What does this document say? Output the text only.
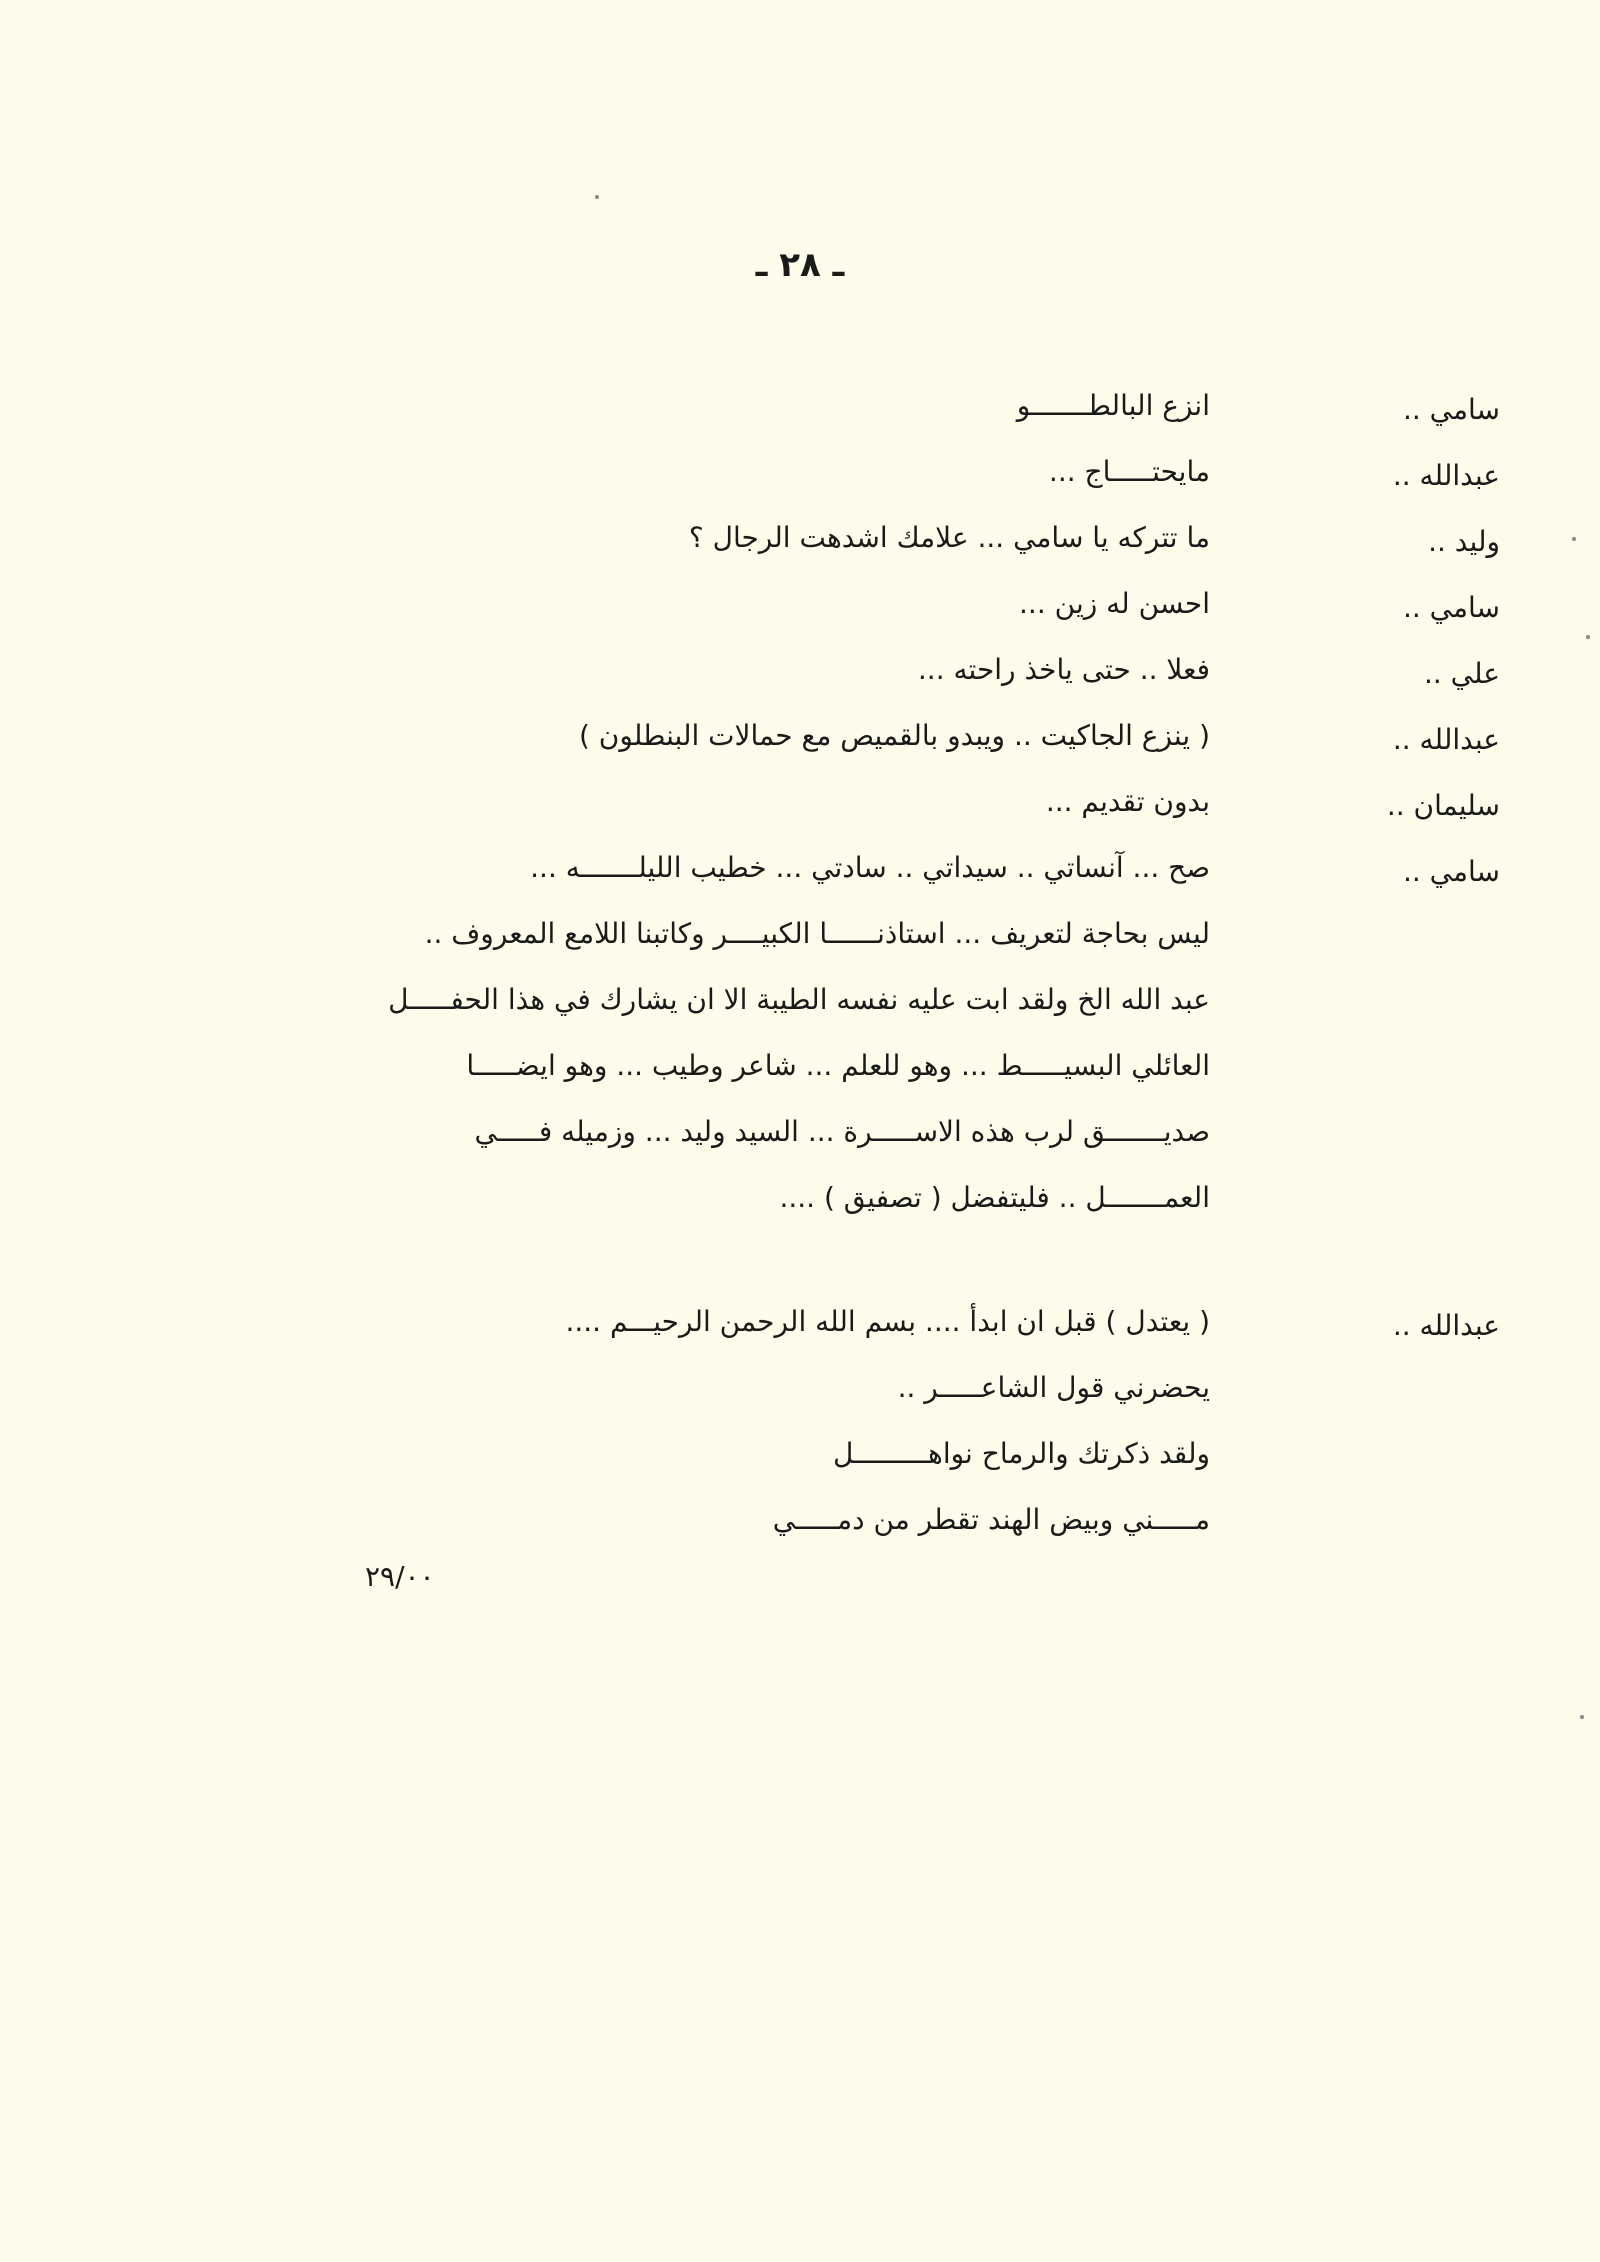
ـ ٢٨ ـ
سامي ..
انزع البالطـــــــو
عبدالله ..
مايحتـــــاج ...
وليد ..
ما تتركه يا سامي ... علامك اشدهت الرجال ؟
سامي ..
احسن له زين ...
علي ..
فعلا .. حتى ياخذ راحته ...
عبدالله ..
( ينزع الجاكيت .. ويبدو بالقميص مع حمالات البنطلون )
سليمان ..
بدون تقديم ...
سامي ..
صح ... آنساتي .. سيداتي .. سادتي ... خطيب الليلـــــــه ...
ليس بحاجة لتعريف ... استاذنــــــا الكبيــــر وكاتبنا اللامع المعروف ..
عبد الله الخ ولقد ابت عليه نفسه الطيبة الا ان يشارك في هذا الحفـــــل
العائلي البسيـــــط ... وهو للعلم ... شاعر وطيب ... وهو ايضـــــا
صديـــــــق لرب هذه الاســـــرة ... السيد وليد ... وزميله فـــــي
العمـــــــل .. فليتفضل ( تصفيق ) ....
عبدالله ..
( يعتدل ) قبل ان ابدأ .... بسم الله الرحمن الرحيـــم ....
يحضرني قول الشاعـــــر ..
ولقد ذكرتك والرماح نواهـــــــــل
مـــــني وبيض الهند تقطر من دمـــــي
٢٩/٠٠
